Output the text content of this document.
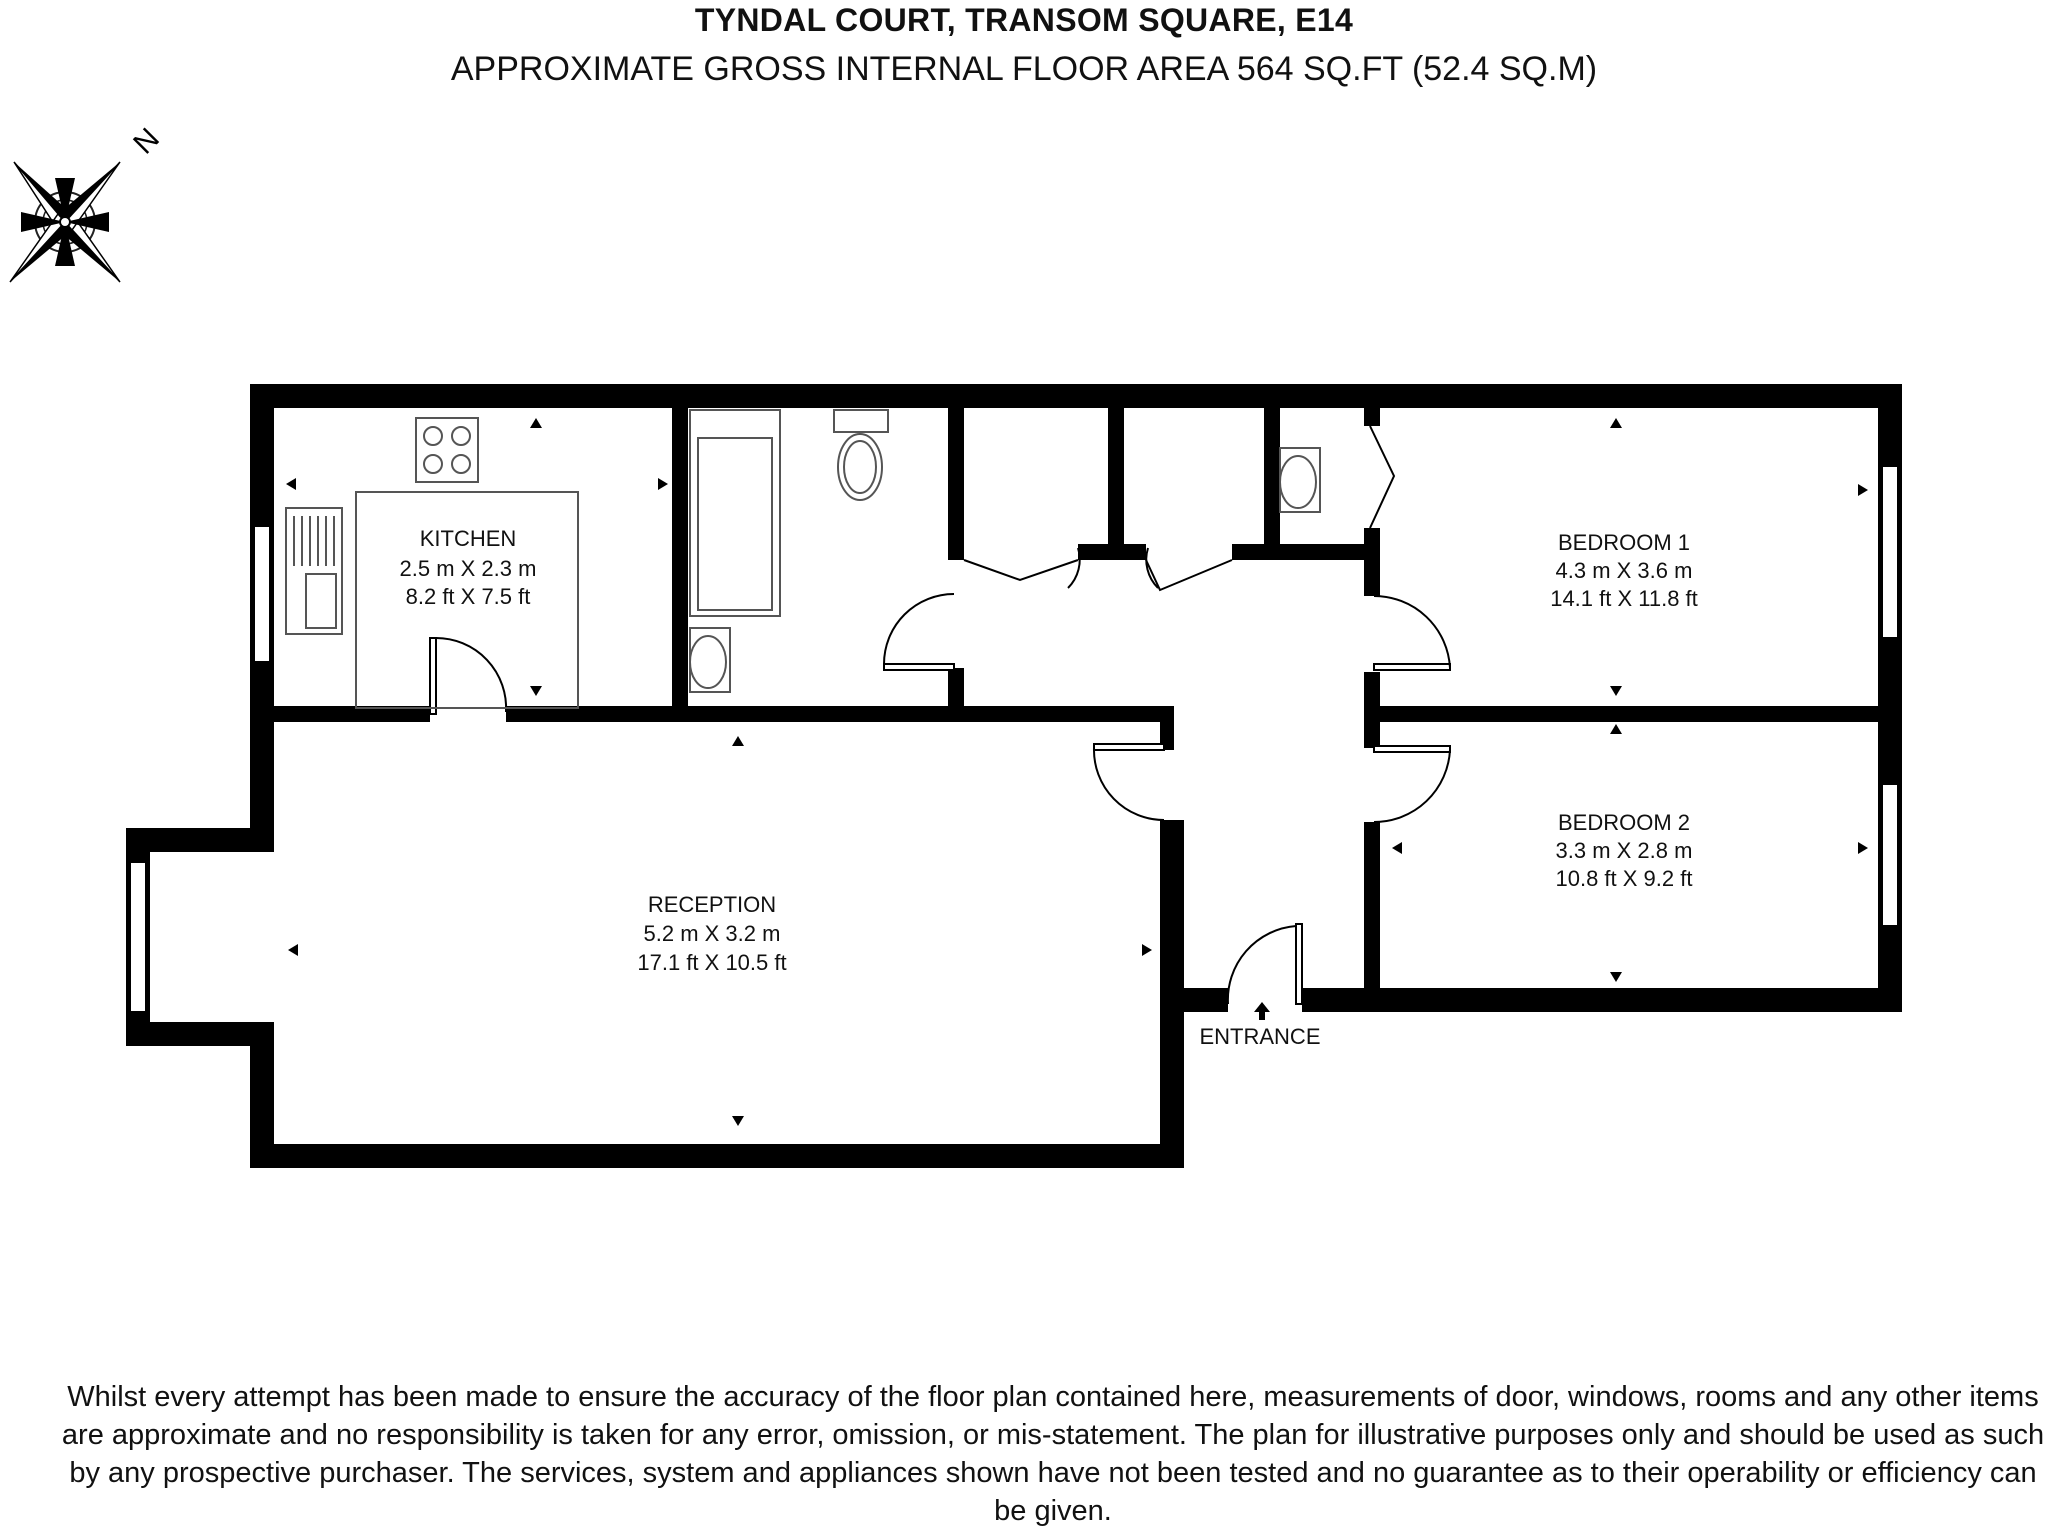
TYNDAL COURT, TRANSOM SQUARE, E14
APPROXIMATE GROSS INTERNAL FLOOR AREA 564 SQ.FT (52.4 SQ.M)
N
KITCHEN
2.5 m X 2.3 m
8.2 ft X 7.5 ft
BEDROOM 1
4.3 m X 3.6 m
14.1 ft X 11.8 ft
BEDROOM 2
3.3 m X 2.8 m
10.8 ft X 9.2 ft
RECEPTION
5.2 m X 3.2 m
17.1 ft X 10.5 ft
ENTRANCE
Whilst every attempt has been made to ensure the accuracy of the floor plan contained here, measurements of door, windows, rooms and any other items are approximate and no responsibility is taken for any error, omission, or mis-statement. The plan for illustrative purposes only and should be used as such by any prospective purchaser. The services, system and appliances shown have not been tested and no guarantee as to their operability or efficiency can be given.
